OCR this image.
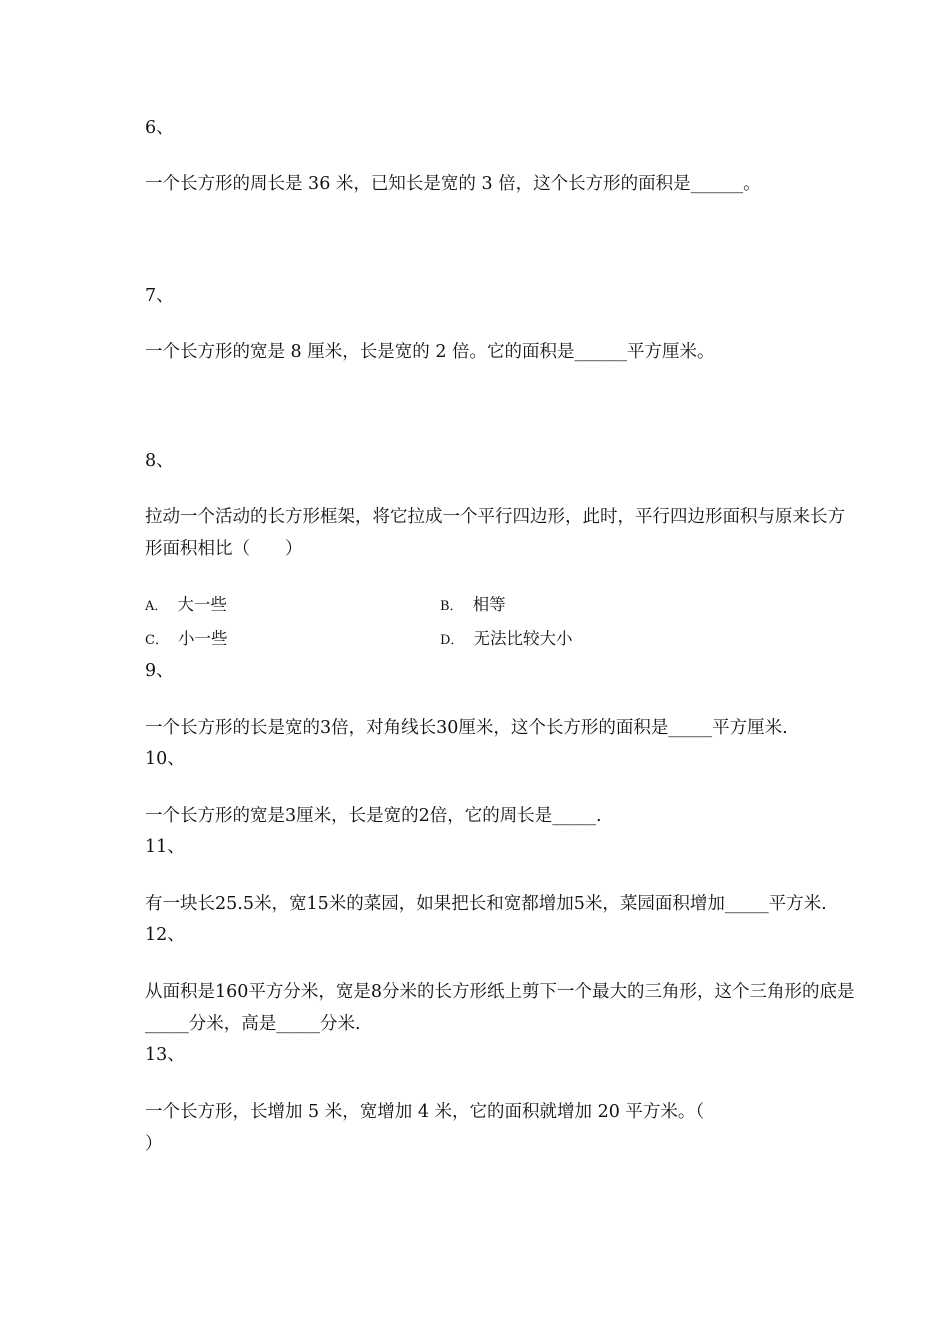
6、
一个长方形的周长是 36 米，已知长是宽的 3 倍，这个长方形的面积是______。
7、
一个长方形的宽是 8 厘米，长是宽的 2 倍。它的面积是______平方厘米。
8、
拉动一个活动的长方形框架，将它拉成一个平行四边形，此时，平行四边形面积与原来长方
形面积相比（　　）
A． 大一些	B． 相等
C． 小一些	D． 无法比较大小
9、
一个长方形的长是宽的3倍，对角线长30厘米，这个长方形的面积是_____平方厘米.
10、
一个长方形的宽是3厘米，长是宽的2倍，它的周长是_____.
11、
有一块长25.5米，宽15米的菜园，如果把长和宽都增加5米，菜园面积增加_____平方米.
12、
从面积是160平方分米，宽是8分米的长方形纸上剪下一个最大的三角形，这个三角形的底是
_____分米，高是_____分米.
13、
一个长方形，长增加 5 米，宽增加 4 米，它的面积就增加 20 平方米。（
）
